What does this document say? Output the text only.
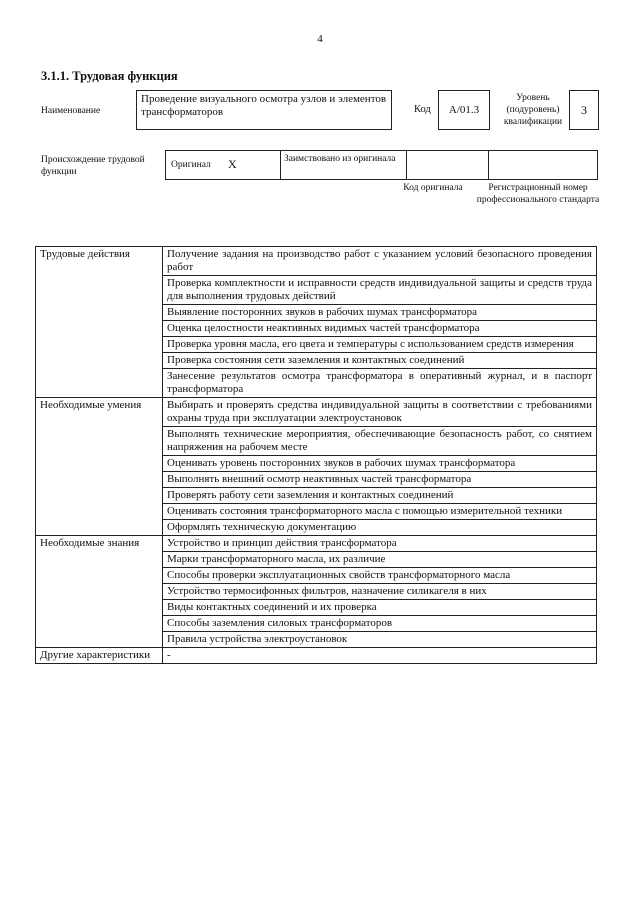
4
3.1.1. Трудовая функция
Наименование
Проведение визуального осмотра узлов и элементов трансформаторов	Код	А/01.3
Уровень (подуровень) квалификации
3
Происхождение трудовой функции
Оригинал X	Заимствовано из оригинала
Код оригинала	Регистрационный номер профессионального стандарта
Трудовые действия	Получение задания на производство работ с указанием условий безопасного проведения работ
	Проверка комплектности и исправности средств индивидуальной защиты и средств труда для выполнения трудовых действий
	Выявление посторонних звуков в рабочих шумах трансформатора
	Оценка целостности неактивных видимых частей трансформатора
	Проверка уровня масла, его цвета и температуры с использованием средств измерения
	Проверка состояния сети заземления и контактных соединений
	Занесение результатов осмотра трансформатора в оперативный журнал, и в паспорт трансформатора
Необходимые умения	Выбирать и проверять средства индивидуальной защиты в соответствии с требованиями охраны труда при эксплуатации электроустановок
	Выполнять технические мероприятия, обеспечивающие безопасность работ, со снятием напряжения на рабочем месте
	Оценивать уровень посторонних звуков в рабочих шумах трансформатора
	Выполнять внешний осмотр неактивных частей трансформатора
	Проверять работу сети заземления и контактных соединений
	Оценивать состояния трансформаторного масла с помощью измерительной техники
	Оформлять техническую документацию
Необходимые знания	Устройство и принцип действия трансформатора
	Марки трансформаторного масла, их различие
	Способы проверки эксплуатационных свойств трансформаторного масла
	Устройство термосифонных фильтров, назначение силикагеля в них
	Виды контактных соединений и их проверка
	Способы заземления силовых трансформаторов
	Правила устройства электроустановок
Другие характеристики	-
